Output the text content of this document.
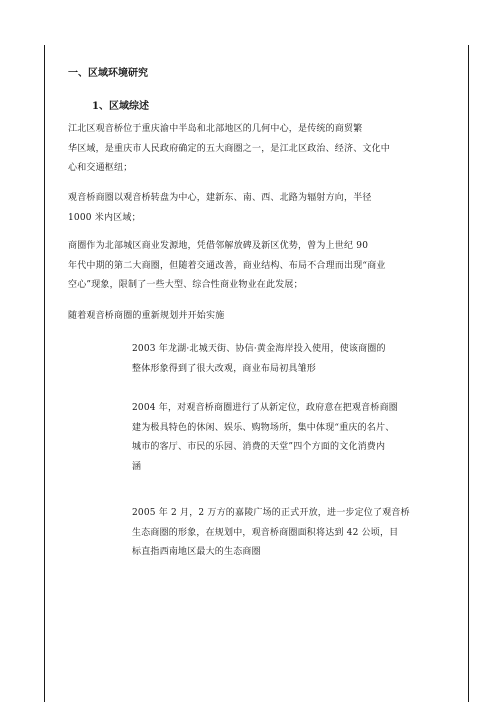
一、区域环境研究
1、区域综述

江北区观音桥位于重庆渝中半岛和北部地区的几何中心，是传统的商贸繁
华区域，是重庆市人民政府确定的五大商圈之一，是江北区政治、经济、文化中
心和交通枢纽；

观音桥商圈以观音桥转盘为中心，建新东、南、西、北路为辐射方向，半径
1000 米内区域；

商圈作为北部城区商业发源地，凭借邻解放碑及新区优势，曾为上世纪 90
年代中期的第二大商圈，但随着交通改善，商业结构、布局不合理而出现“商业
空心”现象，限制了一些大型、综合性商业物业在此发展；

随着观音桥商圈的重新规划并开始实施

2003 年龙湖·北城天街、协信·黄金海岸投入使用，使该商圈的
整体形象得到了很大改观，商业布局初具雏形

2004 年，对观音桥商圈进行了从新定位，政府意在把观音桥商圈
建为极具特色的休闲、娱乐、购物场所，集中体现“重庆的名片、
城市的客厅、市民的乐园、消费的天堂”四个方面的文化消费内
涵

2005 年 2 月，2 万方的嘉陵广场的正式开放，进一步定位了观音桥
生态商圈的形象，在规划中，观音桥商圈面积将达到 42 公顷，目
标直指西南地区最大的生态商圈
